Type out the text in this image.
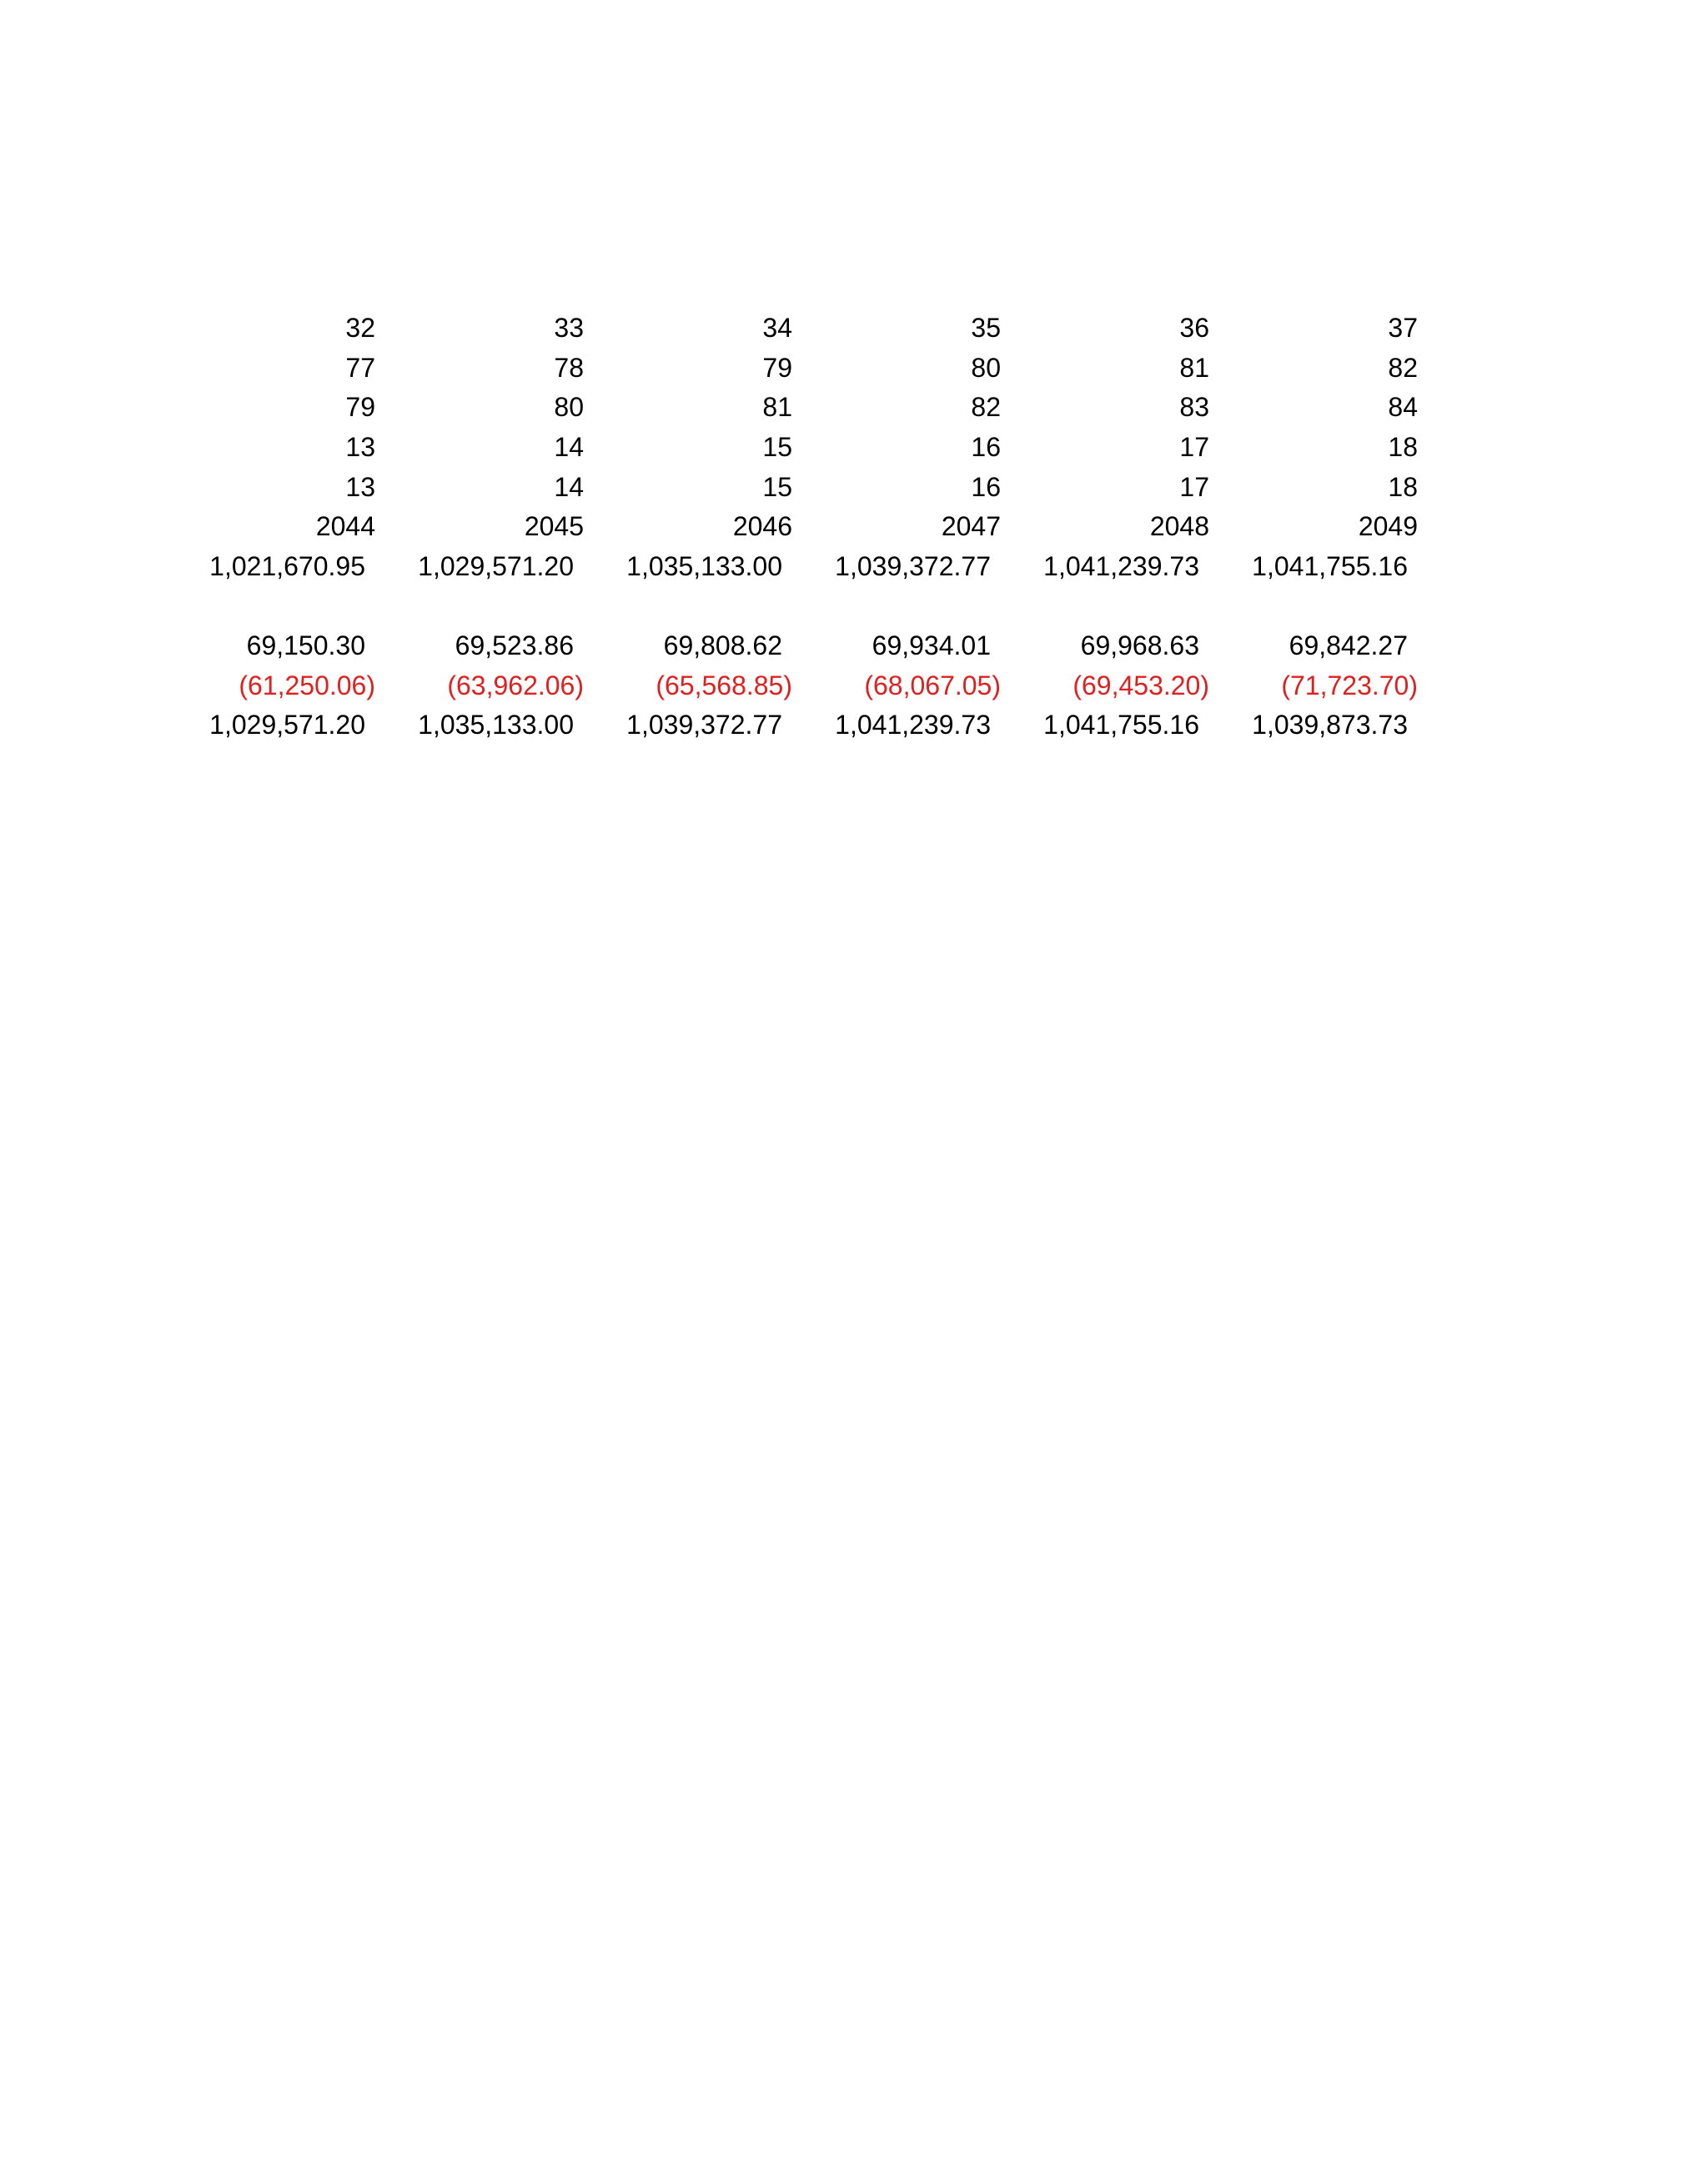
32	33	34	35	36	37
77	78	79	80	81	82
79	80	81	82	83	84
13	14	15	16	17	18
13	14	15	16	17	18
2044	2045	2046	2047	2048	2049
1,021,670.95	1,029,571.20	1,035,133.00	1,039,372.77	1,041,239.73	1,041,755.16
69,150.30	69,523.86	69,808.62	69,934.01	69,968.63	69,842.27
(61,250.06)	(63,962.06)	(65,568.85)	(68,067.05)	(69,453.20)	(71,723.70)
1,029,571.20	1,035,133.00	1,039,372.77	1,041,239.73	1,041,755.16	1,039,873.73
